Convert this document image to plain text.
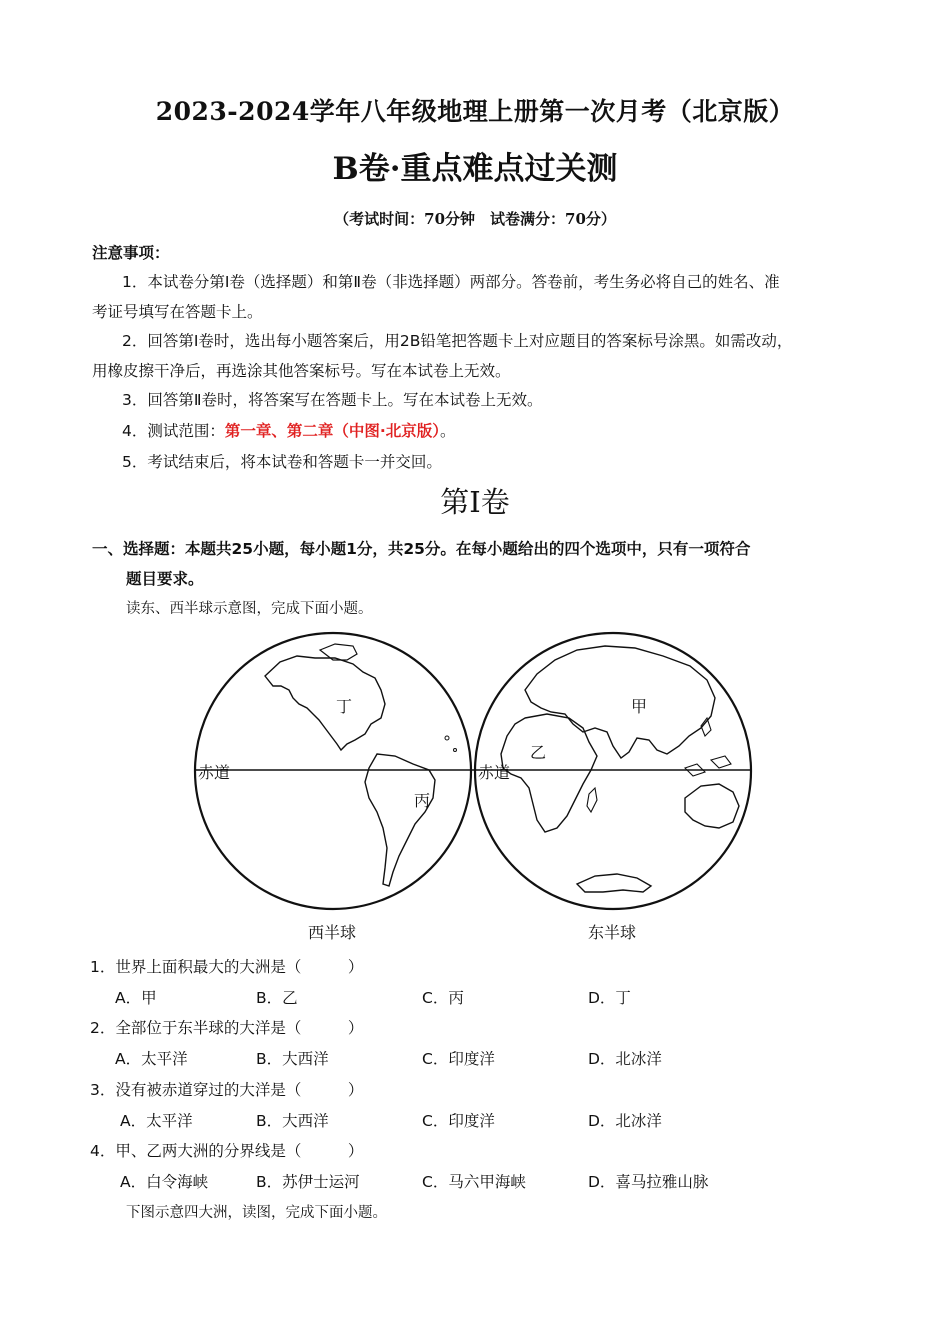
2023-2024学年八年级地理上册第一次月考（北京版）
B卷·重点难点过关测
（考试时间：70分钟　试卷满分：70分）
注意事项：
1．本试卷分第Ⅰ卷（选择题）和第Ⅱ卷（非选择题）两部分。答卷前，考生务必将自己的姓名、准
考证号填写在答题卡上。
2．回答第Ⅰ卷时，选出每小题答案后，用2B铅笔把答题卡上对应题目的答案标号涂黑。如需改动，
用橡皮擦干净后，再选涂其他答案标号。写在本试卷上无效。
3．回答第Ⅱ卷时，将答案写在答题卡上。写在本试卷上无效。
4．测试范围：第一章、第二章（中图·北京版）。
5．考试结束后，将本试卷和答题卡一并交回。
第Ⅰ卷
一、选择题：本题共25小题，每小题1分，共25分。在每小题给出的四个选项中，只有一项符合
题目要求。
读东、西半球示意图，完成下面小题。
赤道	赤道
丁
丙
甲
乙
西半球	东半球
1．世界上面积最大的大洲是（　　　）
A．甲	B．乙	C．丙	D．丁
2．全部位于东半球的大洋是（　　　）
A．太平洋	B．大西洋	C．印度洋	D．北冰洋
3．没有被赤道穿过的大洋是（　　　）
A．太平洋	B．大西洋	C．印度洋	D．北冰洋
4．甲、乙两大洲的分界线是（　　　）
A．白令海峡	B．苏伊士运河	C．马六甲海峡	D．喜马拉雅山脉
下图示意四大洲，读图，完成下面小题。
